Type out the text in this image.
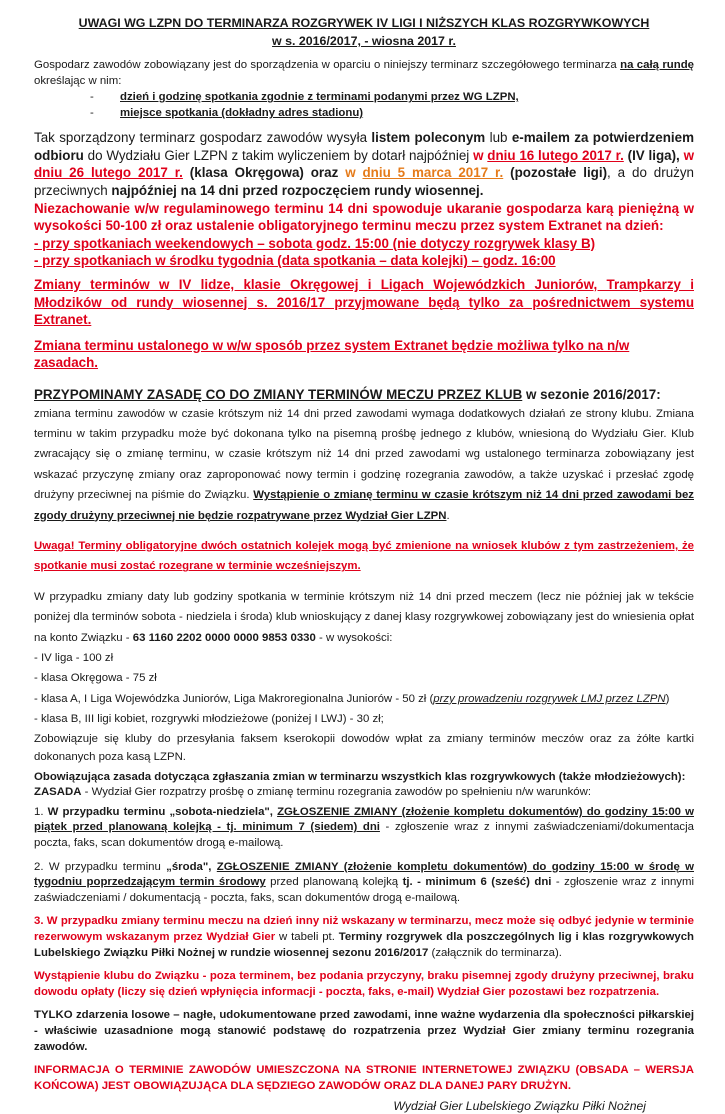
UWAGI WG LZPN DO TERMINARZA ROZGRYWEK IV LIGI I NIŻSZYCH KLAS ROZGRYWKOWYCH
w s. 2016/2017, - wiosna 2017 r.

Gospodarz zawodów zobowiązany jest do sporządzenia w oparciu o niniejszy terminarz szczegółowego terminarza na całą rundę określając w nim:

- dzień i godzinę spotkania zgodnie z terminami podanymi przez WG LZPN,
- miejsce spotkania (dokładny adres stadionu)

Tak sporządzony terminarz gospodarz zawodów wysyła listem poleconym lub e-mailem za potwierdzeniem odbioru do Wydziału Gier LZPN z takim wyliczeniem by dotarł najpóźniej w dniu 16 lutego 2017 r. (IV liga), w dniu 26 lutego 2017 r. (klasa Okręgowa) oraz w dniu 5 marca 2017 r. (pozostałe ligi), a do drużyn przeciwnych najpóźniej na 14 dni przed rozpoczęciem rundy wiosennej.

Niezachowanie w/w regulaminowego terminu 14 dni spowoduje ukaranie gospodarza karą pieniężną w wysokości 50-100 zł oraz ustalenie obligatoryjnego terminu meczu przez system Extranet na dzień:

- przy spotkaniach weekendowych – sobota godz. 15:00 (nie dotyczy rozgrywek klasy B)

- przy spotkaniach w środku tygodnia (data spotkania – data kolejki) – godz. 16:00

Zmiany terminów w IV lidze, klasie Okręgowej i Ligach Wojewódzkich Juniorów, Trampkarzy i Młodzików od rundy wiosennej s. 2016/17 przyjmowane będą tylko za pośrednictwem systemu Extranet.

Zmiana terminu ustalonego w w/w sposób przez system Extranet będzie możliwa tylko na n/w zasadach.

PRZYPOMINAMY ZASADĘ CO DO ZMIANY TERMINÓW MECZU PRZEZ KLUB w sezonie 2016/2017:

zmiana terminu zawodów w czasie krótszym niż 14 dni przed zawodami wymaga dodatkowych działań ze strony klubu. Zmiana terminu w takim przypadku może być dokonana tylko na pisemną prośbę jednego z klubów, wniesioną do Wydziału Gier. Klub zwracający się o zmianę terminu, w czasie krótszym niż 14 dni przed zawodami wg ustalonego terminarza zobowiązany jest wskazać przyczynę zmiany oraz zaproponować nowy termin i godzinę rozegrania zawodów, a także uzyskać i przesłać zgodę drużyny przeciwnej na piśmie do Związku. Wystąpienie o zmianę terminu w czasie krótszym niż 14 dni przed zawodami bez zgody drużyny przeciwnej nie będzie rozpatrywane przez Wydział Gier LZPN.

Uwaga! Terminy obligatoryjne dwóch ostatnich kolejek mogą być zmienione na wniosek klubów z tym zastrzeżeniem, że spotkanie musi zostać rozegrane w terminie wcześniejszym.

W przypadku zmiany daty lub godziny spotkania w terminie krótszym niż 14 dni przed meczem (lecz nie później jak w tekście poniżej dla terminów sobota - niedziela i środa) klub wnioskujący z danej klasy rozgrywkowej zobowiązany jest do wniesienia opłat na konto Związku - 63 1160 2202 0000 0000 9853 0330 - w wysokości:

- IV liga - 100 zł

- klasa Okręgowa - 75 zł

- klasa A, I Liga Wojewódzka Juniorów, Liga Makroregionalna Juniorów - 50 zł (przy prowadzeniu rozgrywek LMJ przez LZPN)

- klasa B, III ligi kobiet, rozgrywki młodzieżowe (poniżej I LWJ) - 30 zł;

Zobowiązuje się kluby do przesyłania faksem kserokopii dowodów wpłat za zmiany terminów meczów oraz za żółte kartki dokonanych poza kasą LZPN.

Obowiązująca zasada dotycząca zgłaszania zmian w terminarzu wszystkich klas rozgrywkowych (także młodzieżowych):

ZASADA - Wydział Gier rozpatrzy prośbę o zmianę terminu rozegrania zawodów po spełnieniu n/w warunków:

1. W przypadku terminu „sobota-niedziela", ZGŁOSZENIE ZMIANY (złożenie kompletu dokumentów) do godziny 15:00 w piątek przed planowaną kolejką - tj. minimum 7 (siedem) dni - zgłoszenie wraz z innymi zaświadczeniami/dokumentacja poczta, faks, scan dokumentów drogą e-mailową.

2. W przypadku terminu „środa", ZGŁOSZENIE ZMIANY (złożenie kompletu dokumentów) do godziny 15:00 w środę w tygodniu poprzedzającym termin środowy przed planowaną kolejką tj. - minimum 6 (sześć) dni - zgłoszenie wraz z innymi zaświadczeniami / dokumentacją - poczta, faks, scan dokumentów drogą e-mailową.

3. W przypadku zmiany terminu meczu na dzień inny niż wskazany w terminarzu, mecz może się odbyć jedynie w terminie rezerwowym wskazanym przez Wydział Gier w tabeli pt. Terminy rozgrywek dla poszczególnych lig i klas rozgrywkowych Lubelskiego Związku Piłki Nożnej w rundzie wiosennej sezonu 2016/2017 (załącznik do terminarza).

Wystąpienie klubu do Związku - poza terminem, bez podania przyczyny, braku pisemnej zgody drużyny przeciwnej, braku dowodu opłaty (liczy się dzień wpłynięcia informacji - poczta, faks, e-mail) Wydział Gier pozostawi bez rozpatrzenia.

TYLKO zdarzenia losowe – nagłe, udokumentowane przed zawodami, inne ważne wydarzenia dla społeczności piłkarskiej - właściwie uzasadnione mogą stanowić podstawę do rozpatrzenia przez Wydział Gier zmiany terminu rozegrania zawodów.

INFORMACJA O TERMINIE ZAWODÓW UMIESZCZONA NA STRONIE INTERNETOWEJ ZWIĄZKU (OBSADA – WERSJA KOŃCOWA) JEST OBOWIĄZUJĄCA DLA SĘDZIEGO ZAWODÓW ORAZ DLA DANEJ PARY DRUŻYN.

Wydział Gier Lubelskiego Związku Piłki Nożnej
